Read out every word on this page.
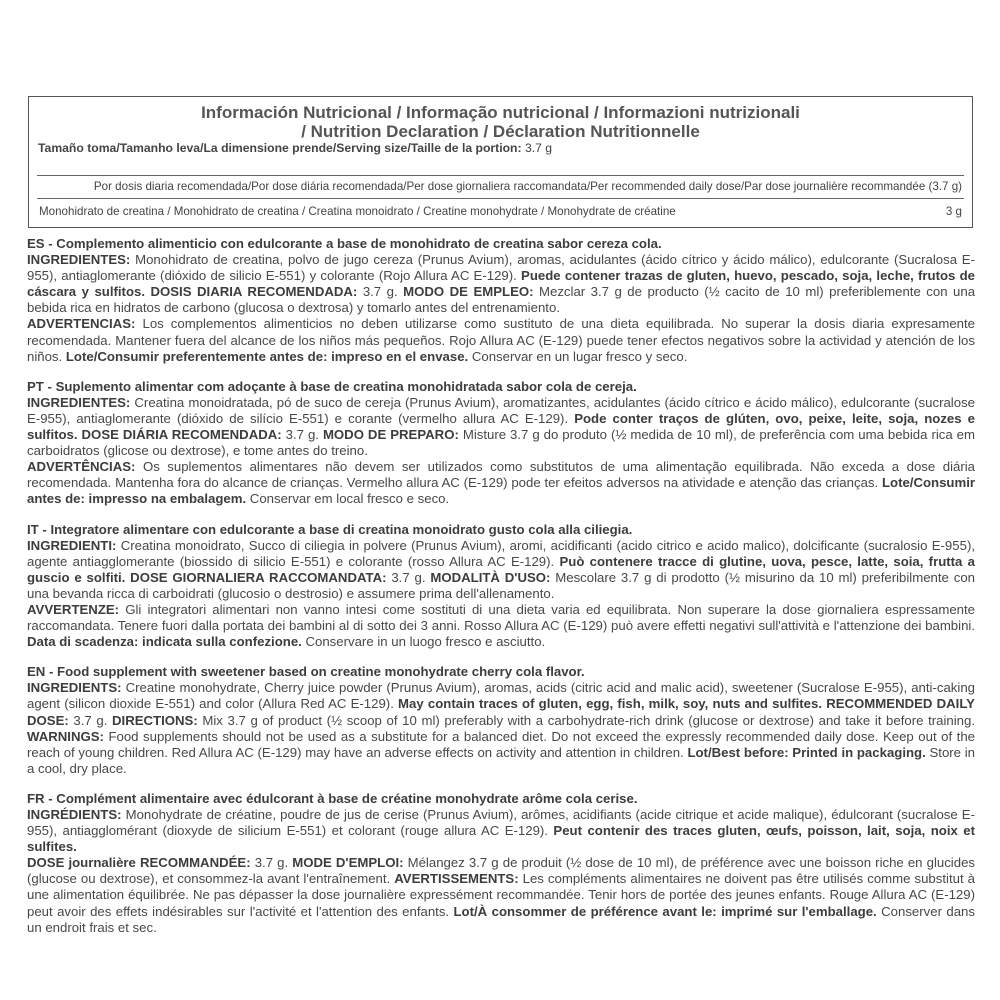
Información Nutricional / Informação nutricional / Informazioni nutrizionali
/ Nutrition Declaration / Déclaration Nutritionnelle
Tamaño toma/Tamanho leva/La dimensione prende/Serving size/Taille de la portion: 3.7 g
Por dosis diaria recomendada/Por dose diária recomendada/Per dose giornaliera raccomandata/Per recommended daily dose/Par dose journalière recommandée (3.7 g)
Monohidrato de creatina / Monohidrato de creatina / Creatina monoidrato / Creatine monohydrate / Monohydrate de créatine	3 g

ES - Complemento alimenticio con edulcorante a base de monohidrato de creatina sabor cereza cola.

INGREDIENTES: Monohidrato de creatina, polvo de jugo cereza (Prunus Avium), aromas, acidulantes (ácido cítrico y ácido málico), edulcorante (Sucralosa E-955), antiaglomerante (dióxido de silicio E-551) y colorante (Rojo Allura AC E-129). Puede contener trazas de gluten, huevo, pescado, soja, leche, frutos de cáscara y sulfitos. DOSIS DIARIA RECOMENDADA: 3.7 g. MODO DE EMPLEO: Mezclar 3.7 g de producto (½ cacito de 10 ml) preferiblemente con una bebida rica en hidratos de carbono (glucosa o dextrosa) y tomarlo antes del entrenamiento.

ADVERTENCIAS: Los complementos alimenticios no deben utilizarse como sustituto de una dieta equilibrada. No superar la dosis diaria expresamente recomendada. Mantener fuera del alcance de los niños más pequeños. Rojo Allura AC (E-129) puede tener efectos negativos sobre la actividad y atención de los niños. Lote/Consumir preferentemente antes de: impreso en el envase. Conservar en un lugar fresco y seco.

PT - Suplemento alimentar com adoçante à base de creatina monohidratada sabor cola de cereja.

INGREDIENTES: Creatina monoidratada, pó de suco de cereja (Prunus Avium), aromatizantes, acidulantes (ácido cítrico e ácido málico), edulcorante (sucralose E-955), antiaglomerante (dióxido de silício E-551) e corante (vermelho allura AC E-129). Pode conter traços de glúten, ovo, peixe, leite, soja, nozes e sulfitos. DOSE DIÁRIA RECOMENDADA: 3.7 g. MODO DE PREPARO: Misture 3.7 g do produto (½ medida de 10 ml), de preferência com uma bebida rica em carboidratos (glicose ou dextrose), e tome antes do treino.

ADVERTÊNCIAS: Os suplementos alimentares não devem ser utilizados como substitutos de uma alimentação equilibrada. Não exceda a dose diária recomendada. Mantenha fora do alcance de crianças. Vermelho allura AC (E-129) pode ter efeitos adversos na atividade e atenção das crianças. Lote/Consumir antes de: impresso na embalagem. Conservar em local fresco e seco.

IT - Integratore alimentare con edulcorante a base di creatina monoidrato gusto cola alla ciliegia.

INGREDIENTI: Creatina monoidrato, Succo di ciliegia in polvere (Prunus Avium), aromi, acidificanti (acido citrico e acido malico), dolcificante (sucralosio E-955), agente antiagglomerante (biossido di silicio E-551) e colorante (rosso Allura AC E-129). Può contenere tracce di glutine, uova, pesce, latte, soia, frutta a guscio e solfiti. DOSE GIORNALIERA RACCOMANDATA: 3.7 g. MODALITÀ D'USO: Mescolare 3.7 g di prodotto (½ misurino da 10 ml) preferibilmente con una bevanda ricca di carboidrati (glucosio o destrosio) e assumere prima dell'allenamento.

AVVERTENZE: Gli integratori alimentari non vanno intesi come sostituti di una dieta varia ed equilibrata. Non superare la dose giornaliera espressamente raccomandata. Tenere fuori dalla portata dei bambini al di sotto dei 3 anni. Rosso Allura AC (E-129) può avere effetti negativi sull'attività e l'attenzione dei bambini. Data di scadenza: indicata sulla confezione. Conservare in un luogo fresco e asciutto.

EN - Food supplement with sweetener based on creatine monohydrate cherry cola flavor.

INGREDIENTS: Creatine monohydrate, Cherry juice powder (Prunus Avium), aromas, acids (citric acid and malic acid), sweetener (Sucralose E-955), anti-caking agent (silicon dioxide E-551) and color (Allura Red AC E-129). May contain traces of gluten, egg, fish, milk, soy, nuts and sulfites. RECOMMENDED DAILY DOSE: 3.7 g. DIRECTIONS: Mix 3.7 g of product (½ scoop of 10 ml) preferably with a carbohydrate-rich drink (glucose or dextrose) and take it before training. WARNINGS: Food supplements should not be used as a substitute for a balanced diet. Do not exceed the expressly recommended daily dose. Keep out of the reach of young children. Red Allura AC (E-129) may have an adverse effects on activity and attention in children. Lot/Best before: Printed in packaging. Store in a cool, dry place.

FR - Complément alimentaire avec édulcorant à base de créatine monohydrate arôme cola cerise.

INGRÉDIENTS: Monohydrate de créatine, poudre de jus de cerise (Prunus Avium), arômes, acidifiants (acide citrique et acide malique), édulcorant (sucralose E-955), antiagglomérant (dioxyde de silicium E-551) et colorant (rouge allura AC E-129). Peut contenir des traces gluten, œufs, poisson, lait, soja, noix et sulfites.
DOSE journalière RECOMMANDÉE: 3.7 g. MODE D'EMPLOI: Mélangez 3.7 g de produit (½ dose de 10 ml), de préférence avec une boisson riche en glucides (glucose ou dextrose), et consommez-la avant l'entraînement. AVERTISSEMENTS: Les compléments alimentaires ne doivent pas être utilisés comme substitut à une alimentation équilibrée. Ne pas dépasser la dose journalière expressément recommandée. Tenir hors de portée des jeunes enfants. Rouge Allura AC (E-129) peut avoir des effets indésirables sur l'activité et l'attention des enfants. Lot/À consommer de préférence avant le: imprimé sur l'emballage. Conserver dans un endroit frais et sec.
